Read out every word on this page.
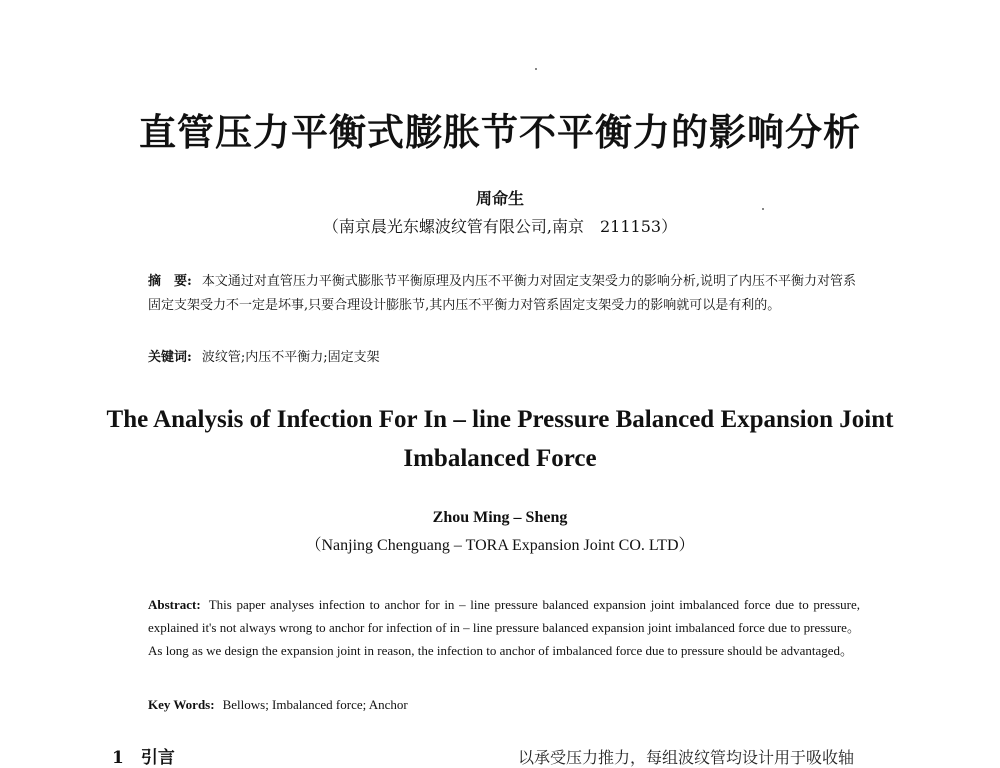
直管压力平衡式膨胀节不平衡力的影响分析
周命生
（南京晨光东螺波纹管有限公司,南京　211153）
摘　要: 本文通过对直管压力平衡式膨胀节平衡原理及内压不平衡力对固定支架受力的影响分析,说明了内压不平衡力对管系固定支架受力不一定是坏事,只要合理设计膨胀节,其内压不平衡力对管系固定支架受力的影响就可以是有利的。
关键词: 波纹管;内压不平衡力;固定支架
The Analysis of Infection For In – line Pressure Balanced Expansion Joint Imbalanced Force
Zhou Ming – Sheng
（Nanjing Chenguang – TORA Expansion Joint CO. LTD）
Abstract: This paper analyses infection to anchor for in – line pressure balanced expansion joint imbalanced force due to pressure, explained it's not always wrong to anchor for infection of in – line pressure balanced expansion joint imbalanced force due to pressure。 As long as we design the expansion joint in reason, the infection to anchor of imbalanced force due to pressure should be advantaged。
Key Words: Bellows; Imbalanced force; Anchor
1　引言	以承受压力推力，每组波纹管均设计用于吸收轴
